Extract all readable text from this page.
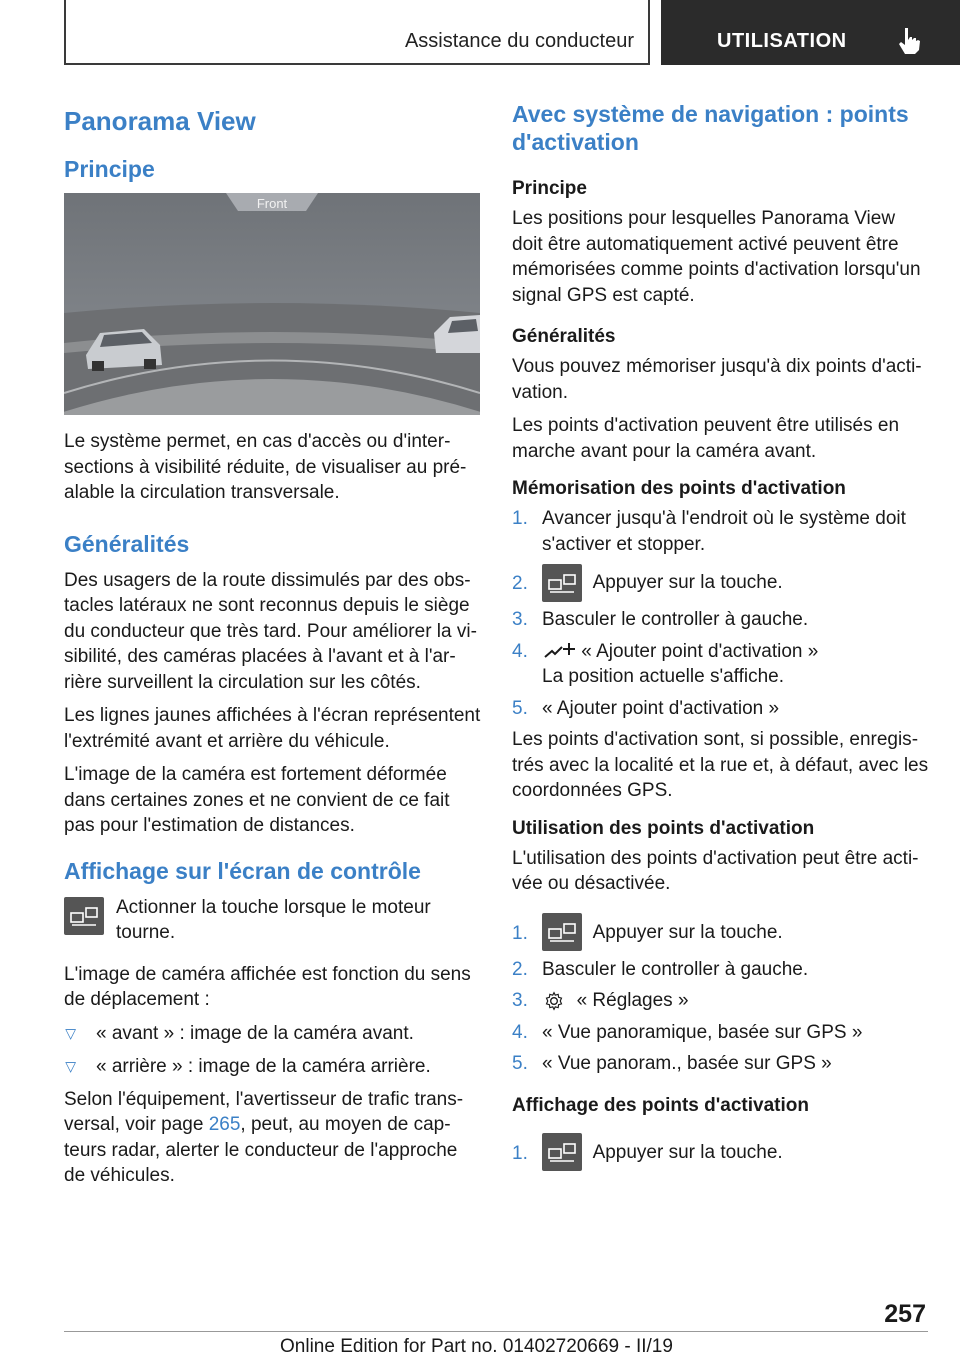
Assistance du conducteur	UTILISATION
Panorama View
Principe
Front

Le système permet, en cas d'accès ou d'intersections à visibilité réduite, de visualiser au préalable la circulation transversale.

Généralités

Des usagers de la route dissimulés par des obstacles latéraux ne sont reconnus depuis le siège du conducteur que très tard. Pour améliorer la visibilité, des caméras placées à l'avant et à l'arrière surveillent la circulation sur les côtés.

Les lignes jaunes affichées à l'écran représentent l'extrémité avant et arrière du véhicule.

L'image de la caméra est fortement déformée dans certaines zones et ne convient de ce fait pas pour l'estimation de distances.

Affichage sur l'écran de contrôle

Actionner la touche lorsque le moteur tourne.

L'image de caméra affichée est fonction du sens de déplacement :

▷ « avant » : image de la caméra avant.
▷ « arrière » : image de la caméra arrière.

Selon l'équipement, l'avertisseur de trafic transversal, voir page 265, peut, au moyen de capteurs radar, alerter le conducteur de l'approche de véhicules.

Avec système de navigation : points d'activation
Principe

Les positions pour lesquelles Panorama View doit être automatiquement activé peuvent être mémorisées comme points d'activation lorsqu'un signal GPS est capté.

Généralités

Vous pouvez mémoriser jusqu'à dix points d'activation.

Les points d'activation peuvent être utilisés en marche avant pour la caméra avant.

Mémorisation des points d'activation
1. Avancer jusqu'à l'endroit où le système doit s'activer et stopper.
2.	Appuyer sur la touche.
3. Basculer le controller à gauche.
4.	« Ajouter point d'activation »
La position actuelle s'affiche.
5. « Ajouter point d'activation »

Les points d'activation sont, si possible, enregistrés avec la localité et la rue et, à défaut, avec les coordonnées GPS.

Utilisation des points d'activation

L'utilisation des points d'activation peut être activée ou désactivée.

1.	Appuyer sur la touche.
2. Basculer le controller à gauche.
3.	« Réglages »
4. « Vue panoramique, basée sur GPS »
5. « Vue panoram., basée sur GPS »
Affichage des points d'activation
1.	Appuyer sur la touche.
257
Online Edition for Part no. 01402720669 - II/19
